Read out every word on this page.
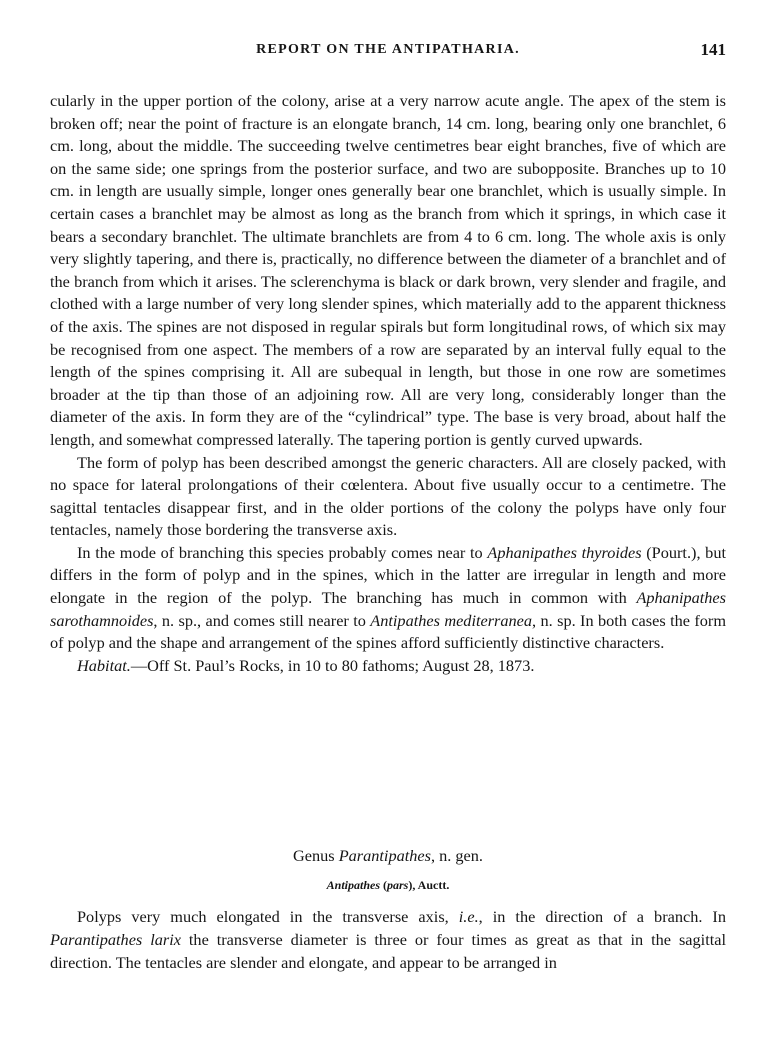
REPORT ON THE ANTIPATHARIA.	141

cularly in the upper portion of the colony, arise at a very narrow acute angle. The apex of the stem is broken off; near the point of fracture is an elongate branch, 14 cm. long, bearing only one branchlet, 6 cm. long, about the middle. The succeeding twelve centimetres bear eight branches, five of which are on the same side; one springs from the posterior surface, and two are subopposite. Branches up to 10 cm. in length are usually simple, longer ones generally bear one branchlet, which is usually simple. In certain cases a branchlet may be almost as long as the branch from which it springs, in which case it bears a secondary branchlet. The ultimate branchlets are from 4 to 6 cm. long. The whole axis is only very slightly tapering, and there is, practically, no difference between the diameter of a branchlet and of the branch from which it arises. The sclerenchyma is black or dark brown, very slender and fragile, and clothed with a large number of very long slender spines, which materially add to the apparent thickness of the axis. The spines are not disposed in regular spirals but form longitudinal rows, of which six may be recognised from one aspect. The members of a row are separated by an interval fully equal to the length of the spines comprising it. All are subequal in length, but those in one row are sometimes broader at the tip than those of an adjoining row. All are very long, considerably longer than the diameter of the axis. In form they are of the “cylindrical” type. The base is very broad, about half the length, and somewhat compressed laterally. The tapering portion is gently curved upwards.

The form of polyp has been described amongst the generic characters. All are closely packed, with no space for lateral prolongations of their cœlentera. About five usually occur to a centimetre. The sagittal tentacles disappear first, and in the older portions of the colony the polyps have only four tentacles, namely those bordering the transverse axis.

In the mode of branching this species probably comes near to Aphanipathes thyroides (Pourt.), but differs in the form of polyp and in the spines, which in the latter are irregular in length and more elongate in the region of the polyp. The branching has much in common with Aphanipathes sarothamnoides, n. sp., and comes still nearer to Antipathes mediterranea, n. sp. In both cases the form of polyp and the shape and arrangement of the spines afford sufficiently distinctive characters.

Habitat.—Off St. Paul’s Rocks, in 10 to 80 fathoms; August 28, 1873.

Genus Parantipathes, n. gen.
Antipathes (pars), Auctt.

Polyps very much elongated in the transverse axis, i.e., in the direction of a branch. In Parantipathes larix the transverse diameter is three or four times as great as that in the sagittal direction. The tentacles are slender and elongate, and appear to be arranged in
